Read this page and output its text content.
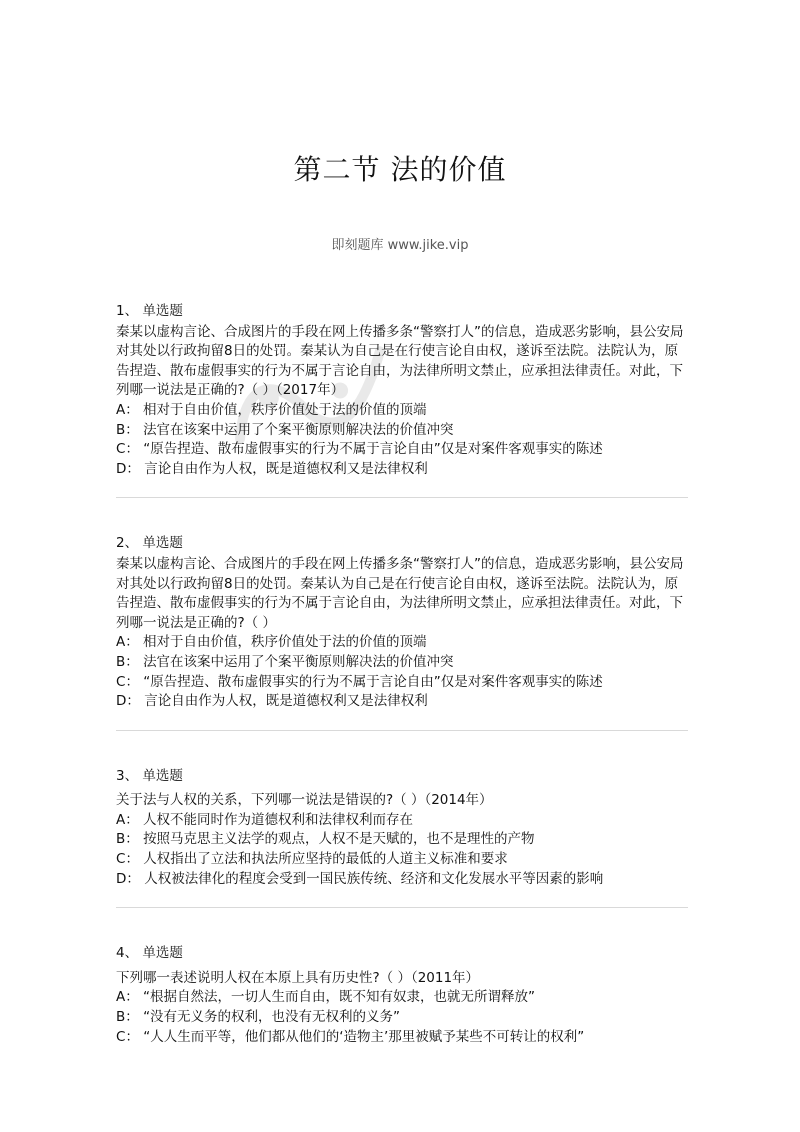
第二节 法的价值
即刻题库 www.jike.vip
1、 单选题

秦某以虚构言论、合成图片的手段在网上传播多条“警察打人”的信息，造成恶劣影响，县公安局对其处以行政拘留8日的处罚。秦某认为自己是在行使言论自由权，遂诉至法院。法院认为，原告捏造、散布虚假事实的行为不属于言论自由，为法律所明文禁止，应承担法律责任。对此，下列哪一说法是正确的?（ ）（2017年）

A： 相对于自由价值，秩序价值处于法的价值的顶端

B： 法官在该案中运用了个案平衡原则解决法的价值冲突

C： “原告捏造、散布虚假事实的行为不属于言论自由”仅是对案件客观事实的陈述

D： 言论自由作为人权，既是道德权利又是法律权利

2、 单选题

秦某以虚构言论、合成图片的手段在网上传播多条“警察打人”的信息，造成恶劣影响，县公安局对其处以行政拘留8日的处罚。秦某认为自己是在行使言论自由权，遂诉至法院。法院认为，原告捏造、散布虚假事实的行为不属于言论自由，为法律所明文禁止，应承担法律责任。对此，下列哪一说法是正确的?（ ）

A： 相对于自由价值，秩序价值处于法的价值的顶端

B： 法官在该案中运用了个案平衡原则解决法的价值冲突

C： “原告捏造、散布虚假事实的行为不属于言论自由”仅是对案件客观事实的陈述

D： 言论自由作为人权，既是道德权利又是法律权利

3、 单选题

关于法与人权的关系，下列哪一说法是错误的?（ ）（2014年）

A： 人权不能同时作为道德权利和法律权利而存在

B： 按照马克思主义法学的观点，人权不是天赋的，也不是理性的产物

C： 人权指出了立法和执法所应坚持的最低的人道主义标准和要求

D： 人权被法律化的程度会受到一国民族传统、经济和文化发展水平等因素的影响

4、 单选题

下列哪一表述说明人权在本原上具有历史性?（ ）（2011年）

A： “根据自然法，一切人生而自由，既不知有奴隶，也就无所谓释放”

B： “没有无义务的权利，也没有无权利的义务”

C： “人人生而平等，他们都从他们的‘造物主’那里被赋予某些不可转让的权利”
